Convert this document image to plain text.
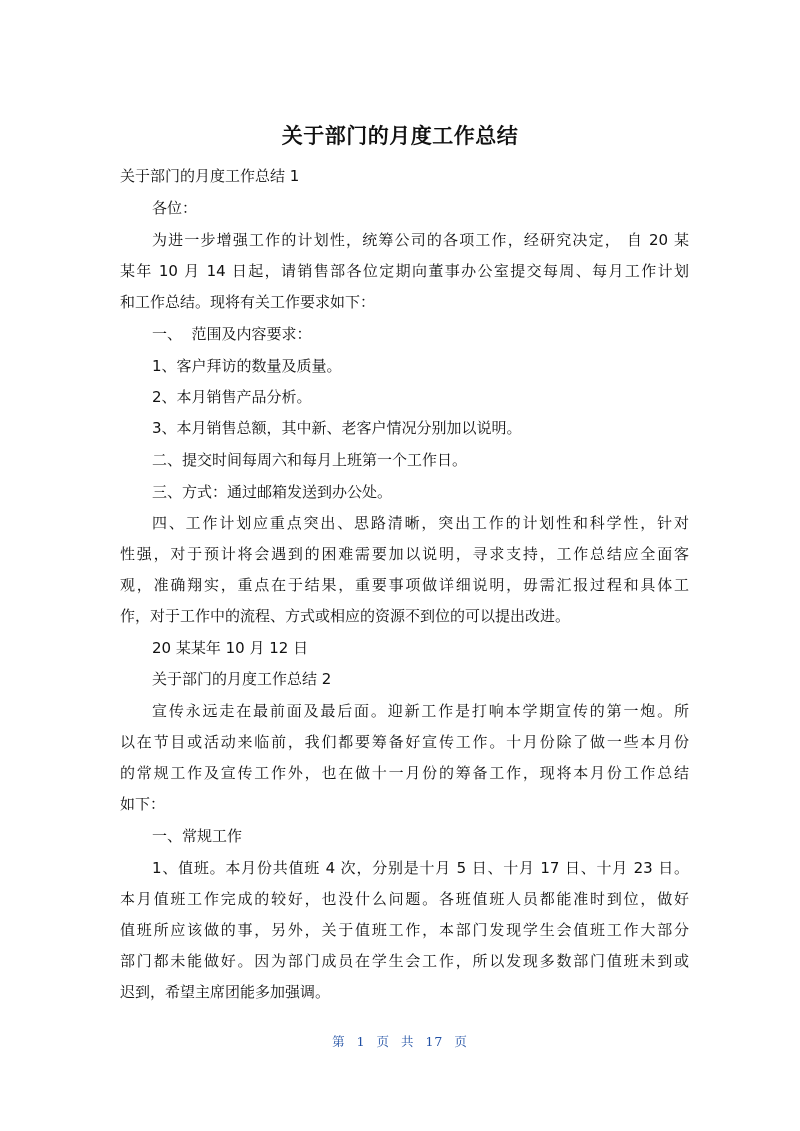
关于部门的月度工作总结
关于部门的月度工作总结 1
各位：
为进一步增强工作的计划性，统筹公司的各项工作，经研究决定， 自 20 某
某年 10 月 14 日起，请销售部各位定期向董事办公室提交每周、每月工作计划
和工作总结。现将有关工作要求如下：
一、  范围及内容要求：
1、客户拜访的数量及质量。
2、本月销售产品分析。
3、本月销售总额，其中新、老客户情况分别加以说明。
二、提交时间每周六和每月上班第一个工作日。
三、方式：通过邮箱发送到办公处。
四、工作计划应重点突出、思路清晰，突出工作的计划性和科学性，针对
性强，对于预计将会遇到的困难需要加以说明，寻求支持，工作总结应全面客
观，准确翔实，重点在于结果，重要事项做详细说明，毋需汇报过程和具体工
作，对于工作中的流程、方式或相应的资源不到位的可以提出改进。
20 某某年 10 月 12 日
关于部门的月度工作总结 2
宣传永远走在最前面及最后面。迎新工作是打响本学期宣传的第一炮。所
以在节目或活动来临前，我们都要筹备好宣传工作。十月份除了做一些本月份
的常规工作及宣传工作外，也在做十一月份的筹备工作，现将本月份工作总结
如下：
一、常规工作
1、值班。本月份共值班 4 次，分别是十月 5 日、十月 17 日、十月 23 日。
本月值班工作完成的较好，也没什么问题。各班值班人员都能准时到位，做好
值班所应该做的事，另外，关于值班工作，本部门发现学生会值班工作大部分
部门都未能做好。因为部门成员在学生会工作，所以发现多数部门值班未到或
迟到，希望主席团能多加强调。
第 1 页 共 17 页
